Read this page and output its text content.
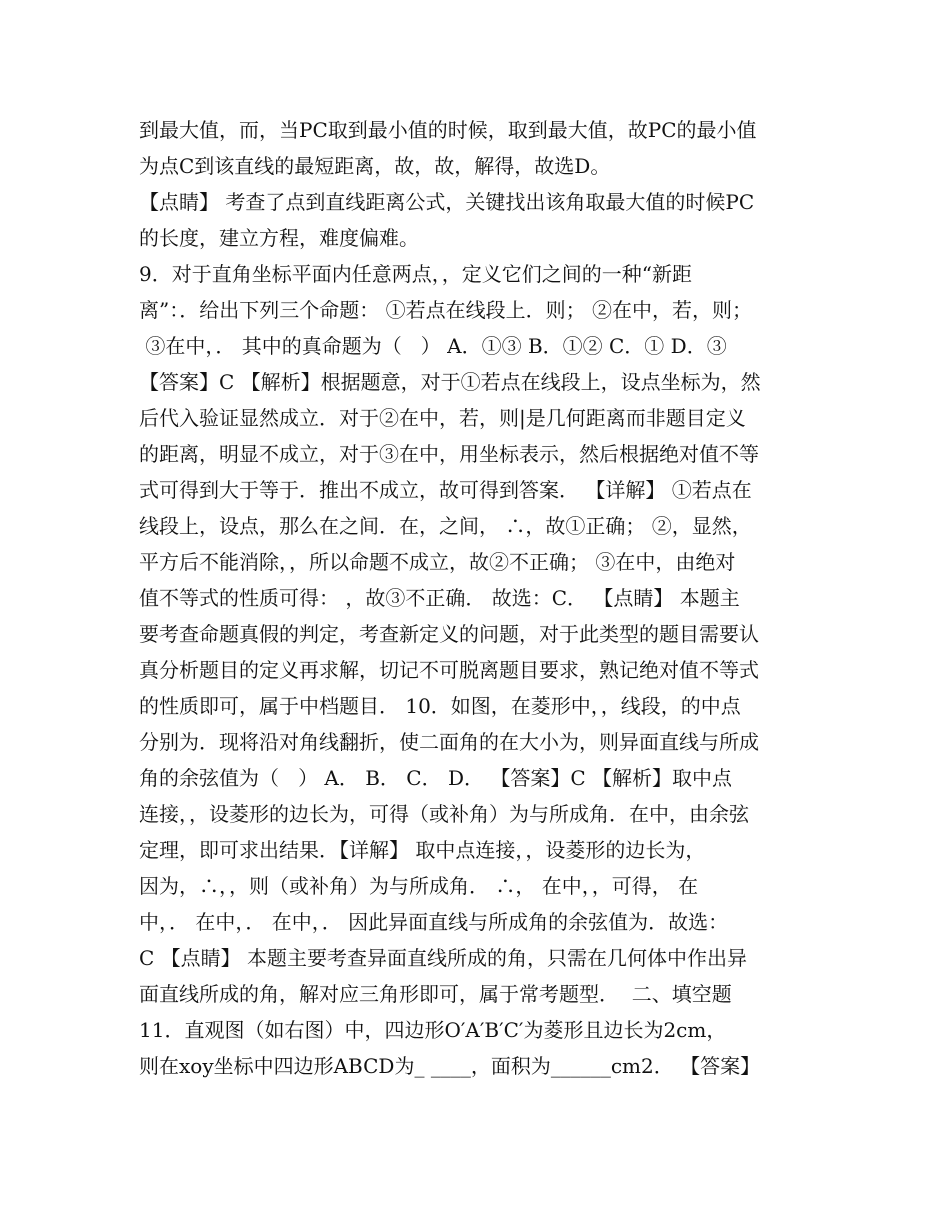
到最大值，而，当PC取到最小值的时候，取到最大值，故PC的最小值
为点C到该直线的最短距离，故，故，解得，故选D。
【点睛】 考查了点到直线距离公式，关键找出该角取最大值的时候PC
的长度，建立方程，难度偏难。
9．对于直角坐标平面内任意两点，，定义它们之间的一种“新距
离”：．给出下列三个命题： ①若点在线段上．则； ②在中，若，则；
③在中，． 其中的真命题为（   ） A．①③ B．①② C．① D．③
【答案】C 【解析】根据题意，对于①若点在线段上，设点坐标为，然
后代入验证显然成立．对于②在中，若，则|是几何距离而非题目定义
的距离，明显不成立，对于③在中，用坐标表示，然后根据绝对值不等
式可得到大于等于．推出不成立，故可得到答案． 【详解】 ①若点在
线段上，设点，那么在之间．在，之间， ∴，故①正确； ②，显然，
平方后不能消除，，所以命题不成立，故②不正确； ③在中，由绝对
值不等式的性质可得： ，故③不正确． 故选：C． 【点睛】 本题主
要考查命题真假的判定，考查新定义的问题，对于此类型的题目需要认
真分析题目的定义再求解，切记不可脱离题目要求，熟记绝对值不等式
的性质即可，属于中档题目． 10．如图，在菱形中，，线段，的中点
分别为．现将沿对角线翻折，使二面角的在大小为，则异面直线与所成
角的余弦值为（   ） A． B． C． D． 【答案】C 【解析】取中点
连接，，设菱形的边长为，可得（或补角）为与所成角．在中，由余弦
定理，即可求出结果．【详解】 取中点连接，，设菱形的边长为，
因为，∴，，则（或补角）为与所成角． ∴， 在中，，可得， 在
中，． 在中，． 在中，． 因此异面直线与所成角的余弦值为．故选：
C 【点睛】 本题主要考查异面直线所成的角，只需在几何体中作出异
面直线所成的角，解对应三角形即可，属于常考题型．  二、填空题
11．直观图（如右图）中，四边形O′A′B′C′为菱形且边长为2cm，
则在xoy坐标中四边形ABCD为_ ____，面积为______cm2． 【答案】
